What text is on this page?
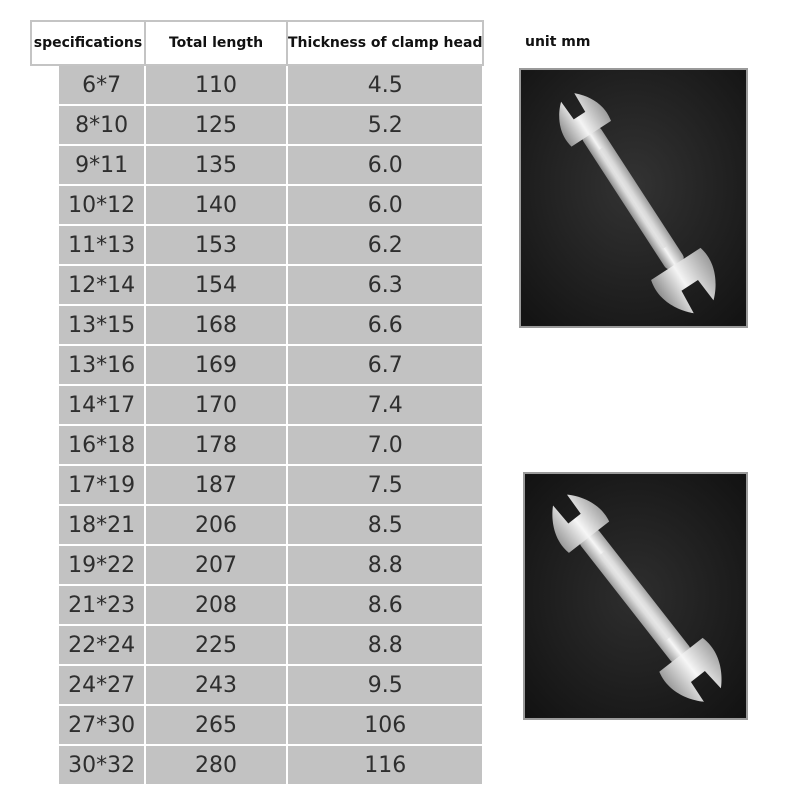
specifications		Total length	Thickness of clamp head
	6*7	110	4.5
	8*10	125	5.2
	9*11	135	6.0
	10*12	140	6.0
	11*13	153	6.2
	12*14	154	6.3
	13*15	168	6.6
	13*16	169	6.7
	14*17	170	7.4
	16*18	178	7.0
	17*19	187	7.5
	18*21	206	8.5
	19*22	207	8.8
	21*23	208	8.6
	22*24	225	8.8
	24*27	243	9.5
	27*30	265	106
	30*32	280	116
unit mm
